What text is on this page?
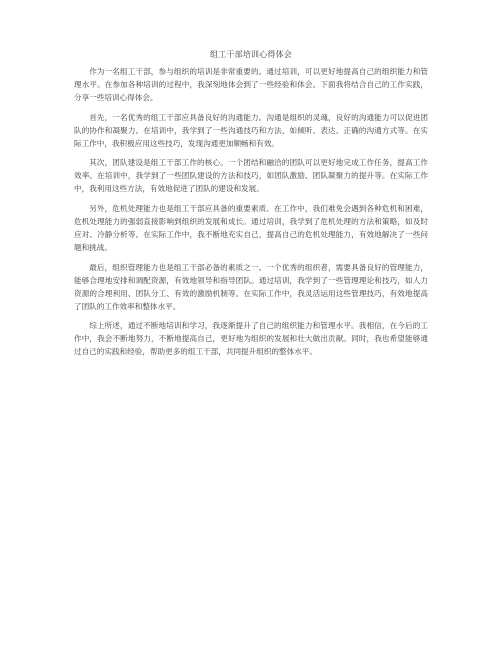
组工干部培训心得体会

作为一名组工干部，参与组织的培训是非常重要的。通过培训，可以更好地提高自己的组织能力和管理水平。在参加各种培训的过程中，我深刻地体会到了一些经验和体会。下面我将结合自己的工作实践，分享一些培训心得体会。

首先，一名优秀的组工干部应具备良好的沟通能力。沟通是组织的灵魂，良好的沟通能力可以促进团队的协作和凝聚力。在培训中，我学到了一些沟通技巧和方法，如倾听、表达、正确的沟通方式等。在实际工作中，我积极应用这些技巧，发现沟通更加顺畅和有效。

其次，团队建设是组工干部工作的核心。一个团结和融洽的团队可以更好地完成工作任务，提高工作效率。在培训中，我学到了一些团队建设的方法和技巧，如团队激励、团队凝聚力的提升等。在实际工作中，我利用这些方法，有效地促进了团队的建设和发展。

另外，危机处理能力也是组工干部应具备的重要素质。在工作中，我们难免会遇到各种危机和困难，危机处理能力的强弱直接影响到组织的发展和成长。通过培训，我学到了危机处理的方法和策略，如及时应对、冷静分析等。在实际工作中，我不断地充实自己，提高自己的危机处理能力，有效地解决了一些问题和挑战。

最后，组织管理能力也是组工干部必备的素质之一。一个优秀的组织者，需要具备良好的管理能力，能够合理地安排和调配资源，有效地领导和指导团队。通过培训，我学到了一些管理理论和技巧，如人力资源的合理利用、团队分工、有效的激励机制等。在实际工作中，我灵活运用这些管理技巧，有效地提高了团队的工作效率和整体水平。

综上所述，通过不断地培训和学习，我逐渐提升了自己的组织能力和管理水平。我相信，在今后的工作中，我会不断地努力，不断地提高自己，更好地为组织的发展和壮大做出贡献。同时，我也希望能够通过自己的实践和经验，帮助更多的组工干部，共同提升组织的整体水平。
